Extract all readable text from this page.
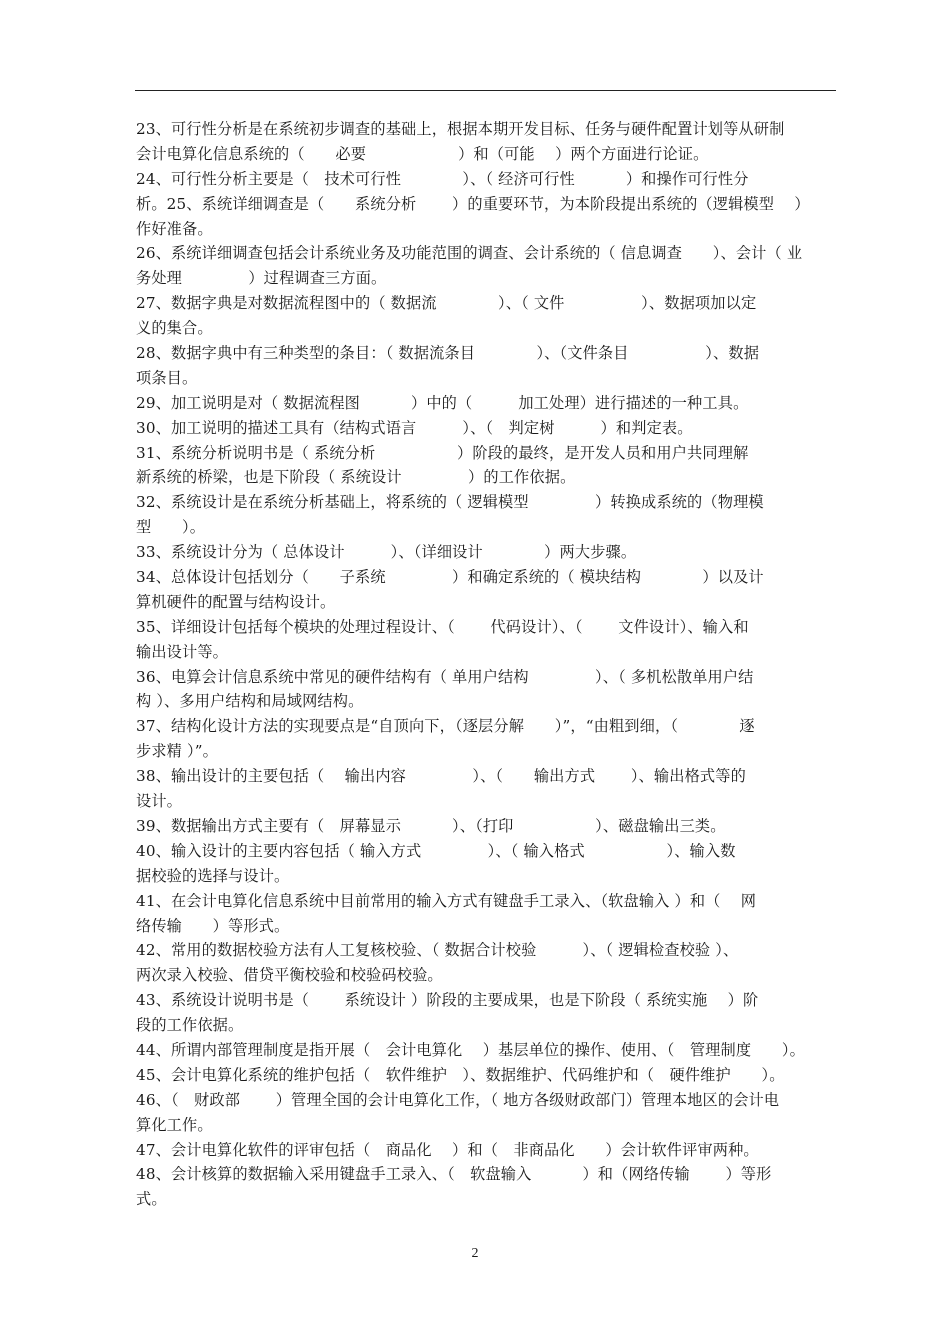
23、可行性分析是在系统初步调查的基础上，根据本期开发目标、任务与硬件配置计划等从研制
会计电算化信息系统的（　　必要　　　　　　）和（可能　 ）两个方面进行论证。
24、可行性分析主要是（　技术可行性　　　　）、（ 经济可行性　　　 ）和操作可行性分
析。25、系统详细调查是（　　系统分析　　 ）的重要环节，为本阶段提出系统的（逻辑模型　 ）
作好准备。
26、系统详细调查包括会计系统业务及功能范围的调查、会计系统的（ 信息调查　　）、会计（ 业
务处理　　　　 ）过程调查三方面。
27、数据字典是对数据流程图中的（ 数据流　　　　）、（ 文件　　　　　）、数据项加以定
义的集合。
28、数据字典中有三种类型的条目：（ 数据流条目　　　　）、（文件条目　　　　　）、数据
项条目。
29、加工说明是对（ 数据流程图　　　 ）中的（　　　加工处理）进行描述的一种工具。
30、加工说明的描述工具有（结构式语言　　　）、（　判定树　　　）和判定表。
31、系统分析说明书是（ 系统分析　　　　　 ）阶段的最终，是开发人员和用户共同理解
新系统的桥梁，也是下阶段（ 系统设计　　　　 ）的工作依据。
32、系统设计是在系统分析基础上，将系统的（ 逻辑模型　　　　 ）转换成系统的（物理模
型　　）。
33、系统设计分为（ 总体设计　　　）、（详细设计　　　　）两大步骤。
34、总体设计包括划分（　　子系统　　　　 ）和确定系统的（ 模块结构　　　　）以及计
算机硬件的配置与结构设计。
35、详细设计包括每个模块的处理过程设计、（　　 代码设计）、（　　 文件设计）、输入和
输出设计等。
36、电算会计信息系统中常见的硬件结构有（ 单用户结构　　　　 ）、（ 多机松散单用户结
构 ）、多用户结构和局域网结构。
37、结构化设计方法的实现要点是“自顶向下，（逐层分解　　）”，“由粗到细，（　　　　逐
步求精 ）”。
38、输出设计的主要包括（　 输出内容　　　　 ）、（　　输出方式　　 ）、输出格式等的
设计。
39、数据输出方式主要有（　屏幕显示　　　 ）、（打印　　　　　 ）、磁盘输出三类。
40、输入设计的主要内容包括（ 输入方式　　　　 ）、（ 输入格式　　　　　 ）、输入数
据校验的选择与设计。
41、在会计电算化信息系统中目前常用的输入方式有键盘手工录入、（软盘输入 ）和（　 网
络传输　　）等形式。
42、常用的数据校验方法有人工复核校验、（ 数据合计校验　　　）、（ 逻辑检查校验 ）、
两次录入校验、借贷平衡校验和校验码校验。
43、系统设计说明书是（　　 系统设计 ）阶段的主要成果，也是下阶段（ 系统实施　 ）阶
段的工作依据。
44、所谓内部管理制度是指开展（　会计电算化　 ）基层单位的操作、使用、（　管理制度　　）。
45、会计电算化系统的维护包括（　软件维护　）、数据维护、代码维护和（　硬件维护　　）。
46、（　财政部　　 ）管理全国的会计电算化工作，（ 地方各级财政部门）管理本地区的会计电
算化工作。
47、会计电算化软件的评审包括（　商品化　 ）和（　非商品化　　）会计软件评审两种。
48、会计核算的数据输入采用键盘手工录入、（　软盘输入　　　 ）和（网络传输　　 ）等形
式。
2
